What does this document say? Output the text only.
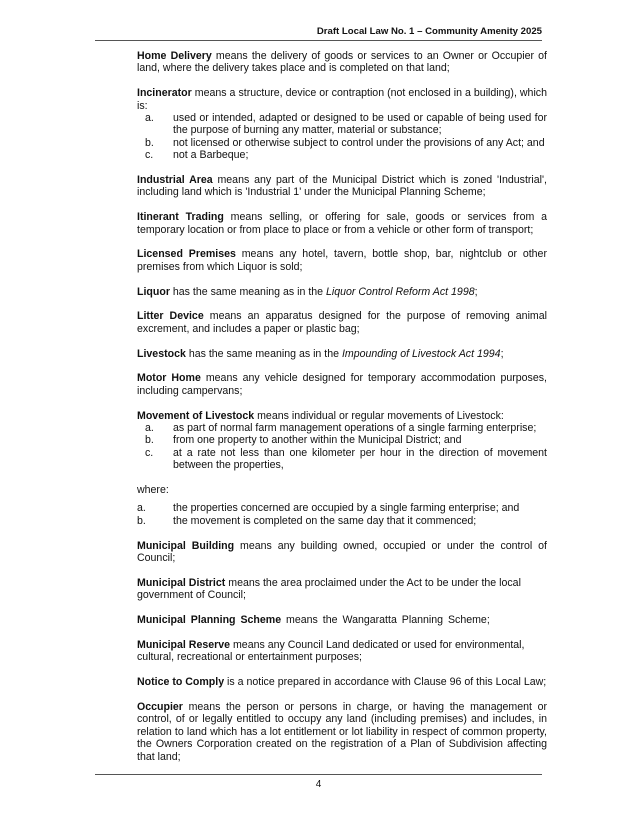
Draft Local Law No. 1 – Community Amenity 2025

Home Delivery means the delivery of goods or services to an Owner or Occupier of land, where the delivery takes place and is completed on that land;

Incinerator means a structure, device or contraption (not enclosed in a building), which is:

a. used or intended, adapted or designed to be used or capable of being used for the purpose of burning any matter, material or substance;
b. not licensed or otherwise subject to control under the provisions of any Act; and
c. not a Barbeque;

Industrial Area means any part of the Municipal District which is zoned 'Industrial', including land which is 'Industrial 1' under the Municipal Planning Scheme;

Itinerant Trading means selling, or offering for sale, goods or services from a temporary location or from place to place or from a vehicle or other form of transport;

Licensed Premises means any hotel, tavern, bottle shop, bar, nightclub or other premises from which Liquor is sold;

Liquor has the same meaning as in the Liquor Control Reform Act 1998;

Litter Device means an apparatus designed for the purpose of removing animal excrement, and includes a paper or plastic bag;

Livestock has the same meaning as in the Impounding of Livestock Act 1994;

Motor Home means any vehicle designed for temporary accommodation purposes, including campervans;

Movement of Livestock means individual or regular movements of Livestock:

a. as part of normal farm management operations of a single farming enterprise;
b. from one property to another within the Municipal District; and
c. at a rate not less than one kilometer per hour in the direction of movement between the properties,

where:

a.	the properties concerned are occupied by a single farming enterprise; and
b.	the movement is completed on the same day that it commenced;

Municipal Building means any building owned, occupied or under the control of Council;

Municipal District means the area proclaimed under the Act to be under the local government of Council;

Municipal Planning Scheme means the Wangaratta Planning Scheme;

Municipal Reserve means any Council Land dedicated or used for environmental, cultural, recreational or entertainment purposes;

Notice to Comply is a notice prepared in accordance with Clause 96 of this Local Law;

Occupier means the person or persons in charge, or having the management or control, of or legally entitled to occupy any land (including premises) and includes, in relation to land which has a lot entitlement or lot liability in respect of common property, the Owners Corporation created on the registration of a Plan of Subdivision affecting that land;

4
